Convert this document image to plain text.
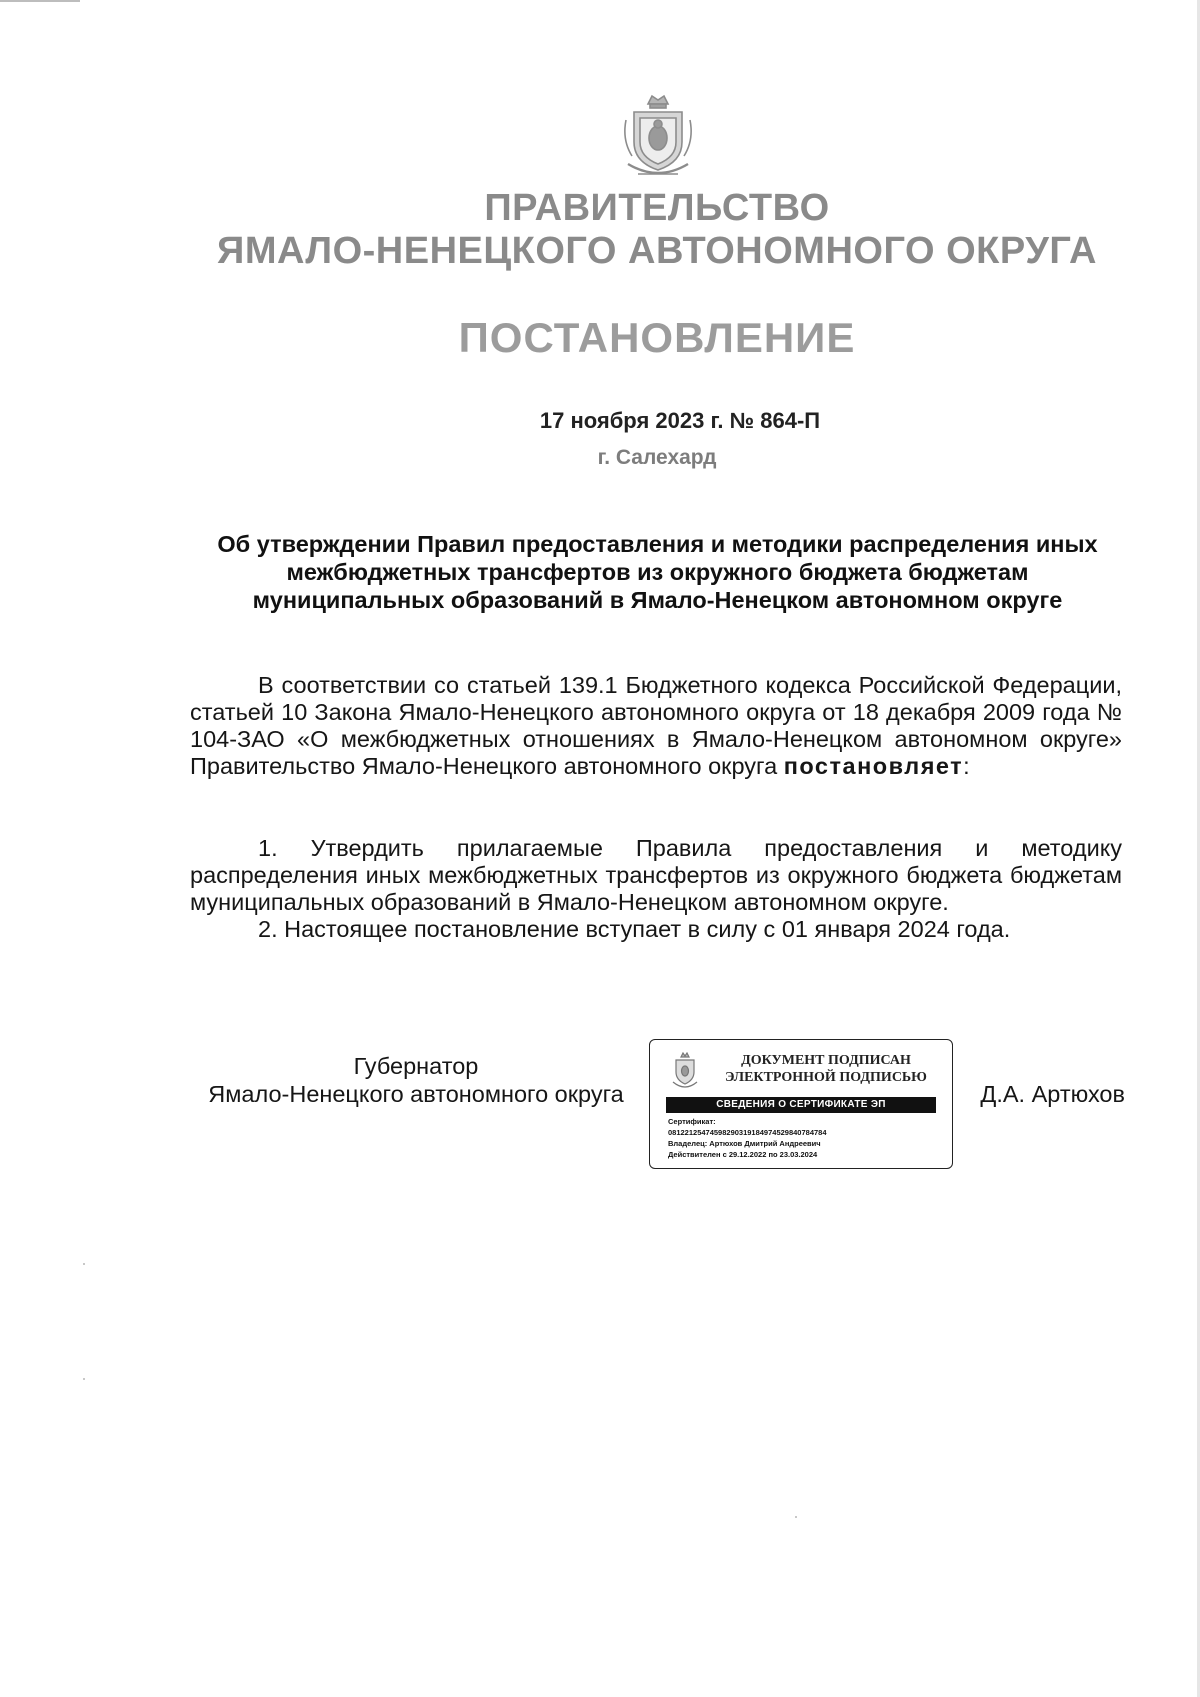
ПРАВИТЕЛЬСТВО
ЯМАЛО-НЕНЕЦКОГО АВТОНОМНОГО ОКРУГА
ПОСТАНОВЛЕНИЕ
17 ноября 2023 г. № 864-П
г. Салехард
Об утверждении Правил предоставления и методики распределения иных межбюджетных трансфертов из окружного бюджета бюджетам муниципальных образований в Ямало-Ненецком автономном округе

В соответствии со статьей 139.1 Бюджетного кодекса Российской Федерации, статьей 10 Закона Ямало-Ненецкого автономного округа от 18 декабря 2009 года № 104-ЗАО «О межбюджетных отношениях в Ямало-Ненецком автономном округе» Правительство Ямало-Ненецкого автономного округа постановляет:

1. Утвердить прилагаемые Правила предоставления и методику распределения иных межбюджетных трансфертов из окружного бюджета бюджетам муниципальных образований в Ямало-Ненецком автономном округе.

2. Настоящее постановление вступает в силу с 01 января 2024 года.

Губернатор
Ямало-Ненецкого автономного округа
ДОКУМЕНТ ПОДПИСАН
ЭЛЕКТРОННОЙ ПОДПИСЬЮ
СВЕДЕНИЯ О СЕРТИФИКАТЕ ЭП
Сертификат:
08122125474598290319184974529840784784
Владелец: Артюхов Дмитрий Андреевич
Действителен с 29.12.2022 по 23.03.2024
Д.А. Артюхов
